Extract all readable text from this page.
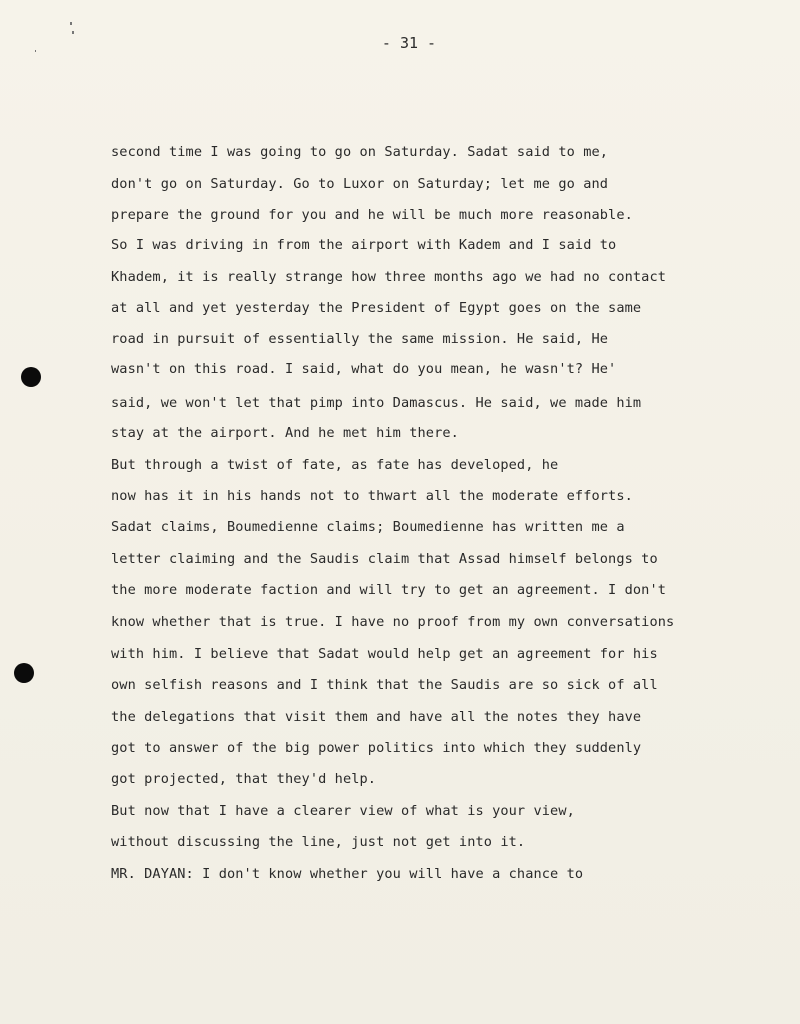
- 31 -
second time I was going to go on Saturday. Sadat said to me,
don't go on Saturday. Go to Luxor on Saturday; let me go and
prepare the ground for you and he will be much more reasonable.
So I was driving in from the airport with Kadem and I said to
Khadem, it is really strange how three months ago we had no contact
at all and yet yesterday the President of Egypt goes on the same
road in pursuit of essentially the same mission. He said, He
wasn't on this road. I said, what do you mean, he wasn't? He'
said, we won't let that pimp into Damascus. He said, we made him
stay at the airport. And he met him there.
But through a twist of fate, as fate has developed, he
now has it in his hands not to thwart all the moderate efforts.
Sadat claims, Boumedienne claims; Boumedienne has written me a
letter claiming and the Saudis claim that Assad himself belongs to
the more moderate faction and will try to get an agreement. I don't
know whether that is true. I have no proof from my own conversations
with him. I believe that Sadat would help get an agreement for his
own selfish reasons and I think that the Saudis are so sick of all
the delegations that visit them and have all the notes they have
got to answer of the big power politics into which they suddenly
got projected, that they'd help.
But now that I have a clearer view of what is your view,
without discussing the line, just not get into it.
MR. DAYAN: I don't know whether you will have a chance to
